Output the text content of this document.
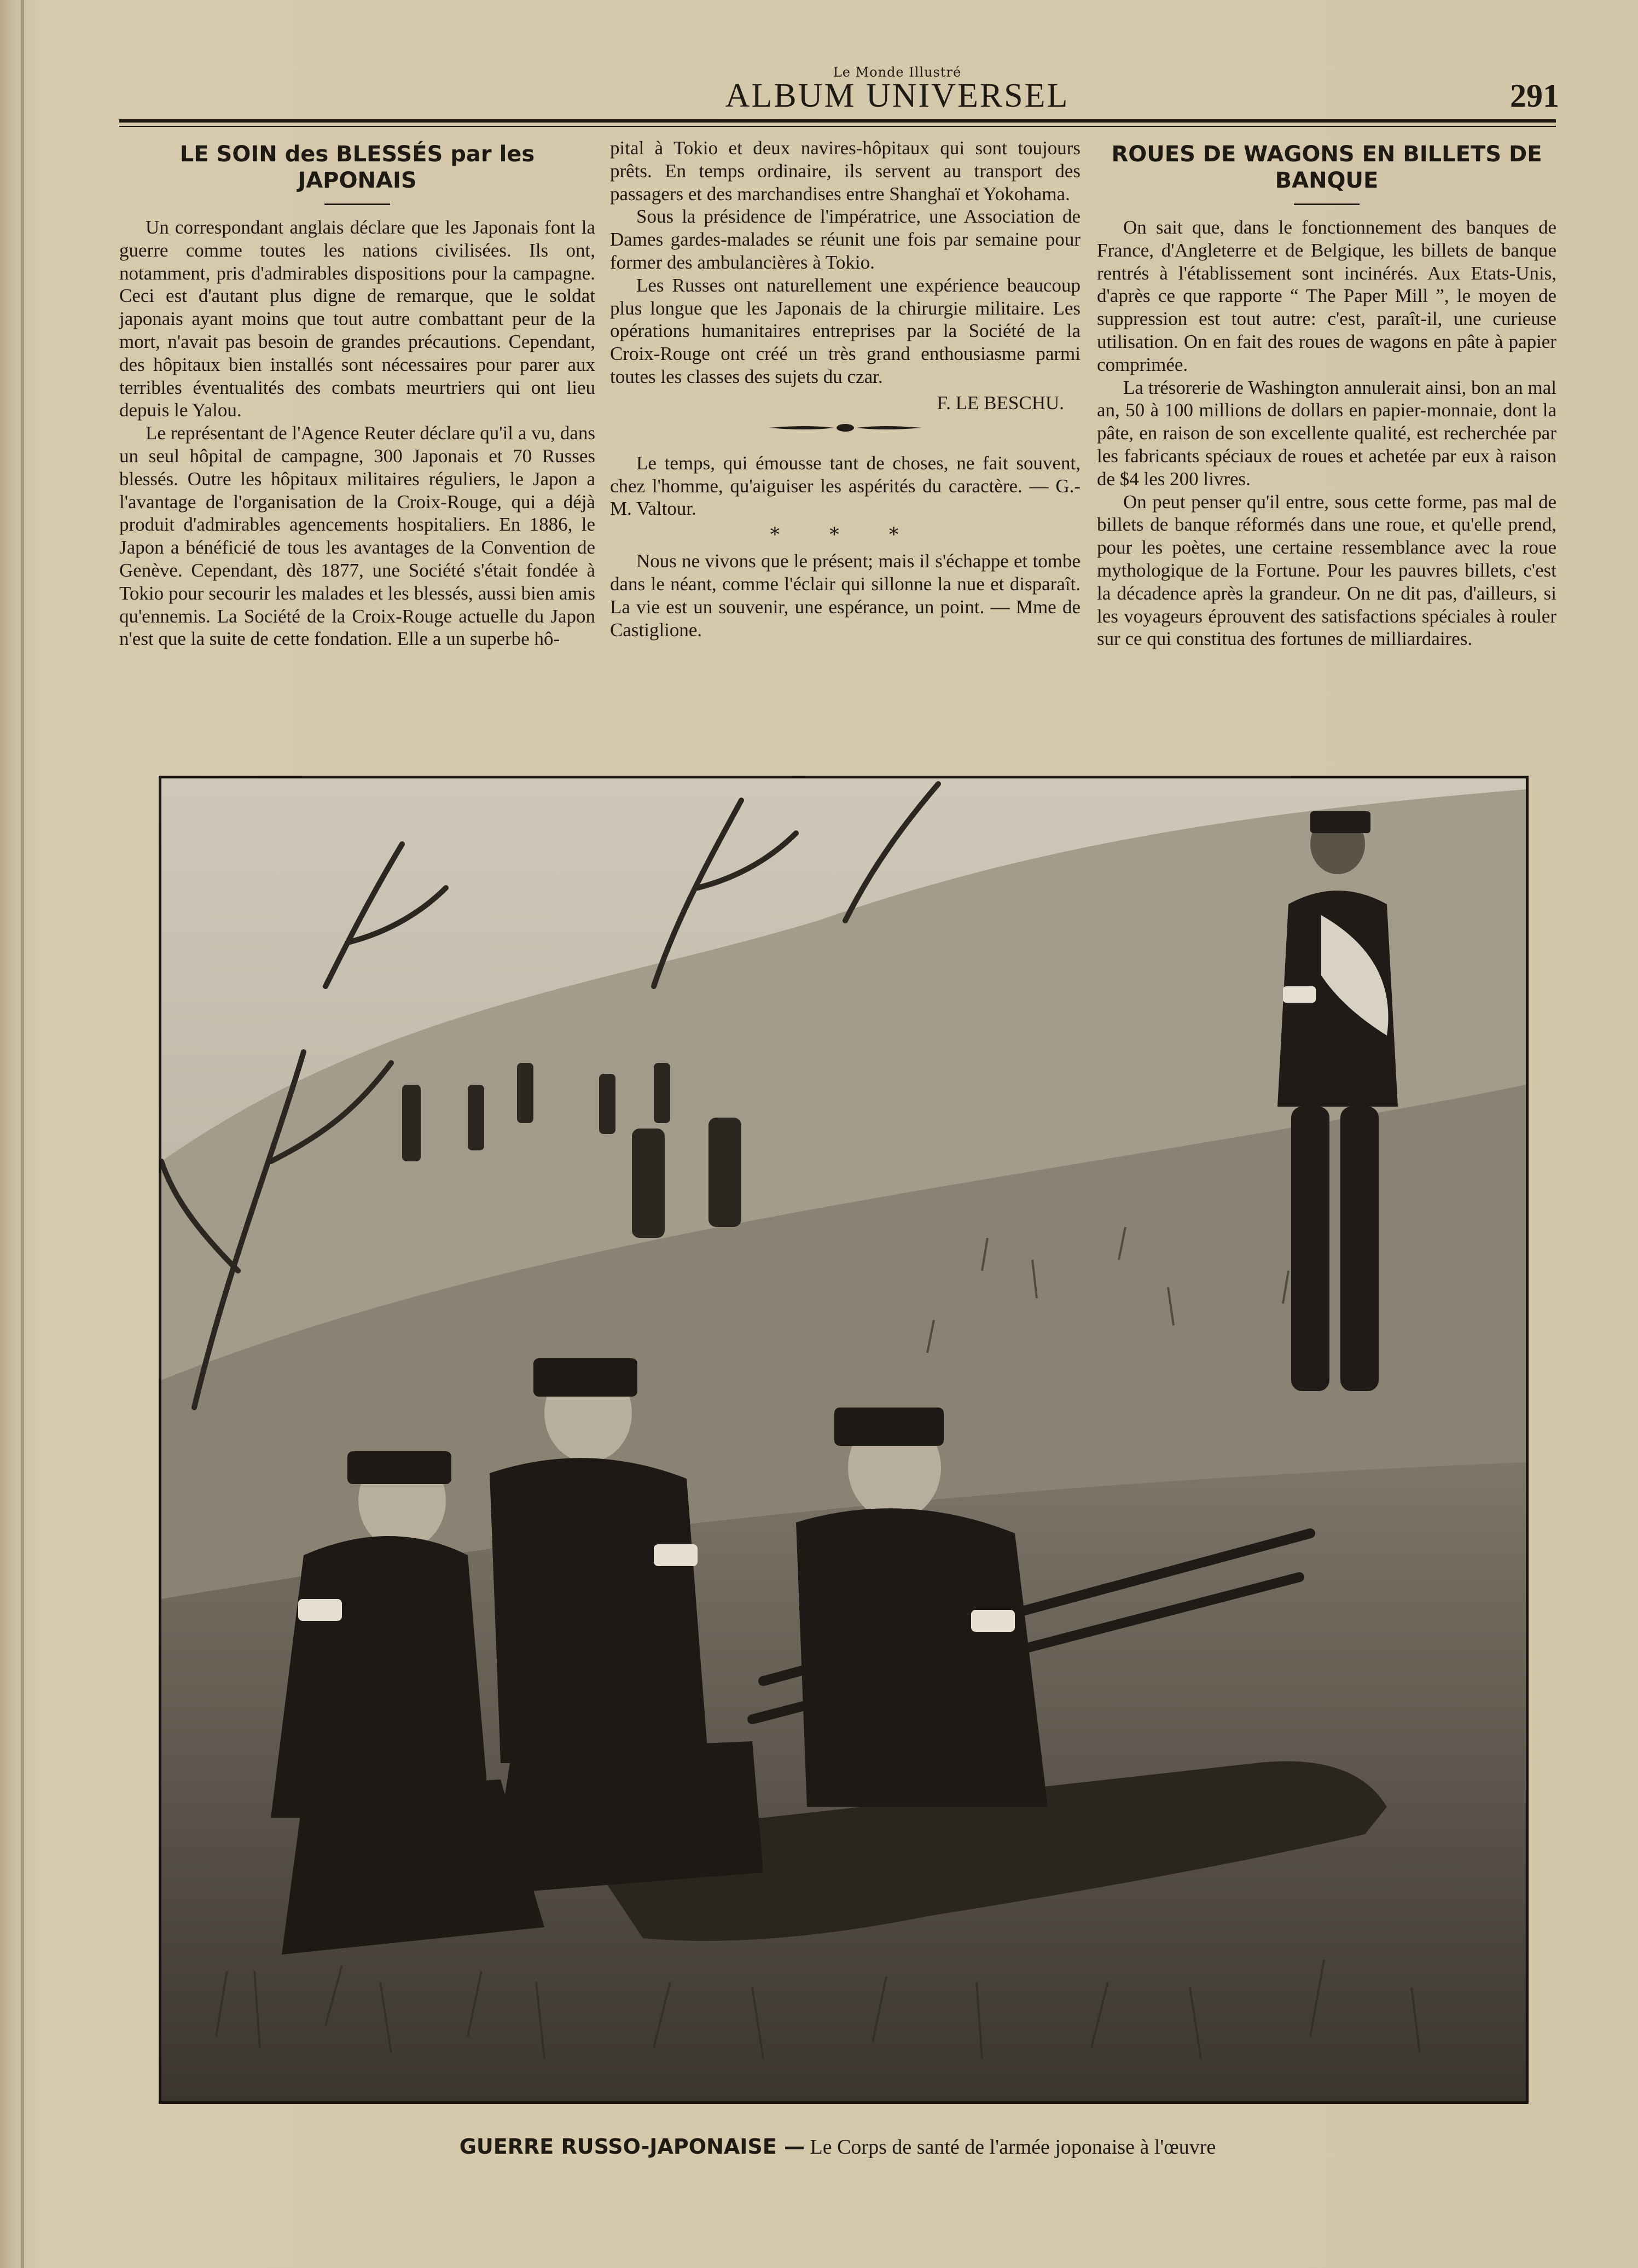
Le Monde Illustré
ALBUM UNIVERSEL	291
LE SOIN des BLESSÉS par les JAPONAIS

Un correspondant anglais déclare que les Japonais font la guerre comme toutes les nations civilisées. Ils ont, notamment, pris d'admirables dispositions pour la campagne. Ceci est d'autant plus digne de remarque, que le soldat japonais ayant moins que tout autre combattant peur de la mort, n'avait pas besoin de grandes précautions. Cependant, des hôpitaux bien installés sont nécessaires pour parer aux terribles éventualités des combats meurtriers qui ont lieu depuis le Yalou.

Le représentant de l'Agence Reuter déclare qu'il a vu, dans un seul hôpital de campagne, 300 Japonais et 70 Russes blessés. Outre les hôpitaux militaires réguliers, le Japon a l'avantage de l'organisation de la Croix-Rouge, qui a déjà produit d'admirables agencements hospitaliers. En 1886, le Japon a bénéficié de tous les avantages de la Convention de Genève. Cependant, dès 1877, une Société s'était fondée à Tokio pour secourir les malades et les blessés, aussi bien amis qu'ennemis. La Société de la Croix-Rouge actuelle du Japon n'est que la suite de cette fondation. Elle a un superbe hô-

pital à Tokio et deux navires-hôpitaux qui sont toujours prêts. En temps ordinaire, ils servent au transport des passagers et des marchandises entre Shanghaï et Yokohama.

Sous la présidence de l'impératrice, une Association de Dames gardes-malades se réunit une fois par semaine pour former des ambulancières à Tokio.

Les Russes ont naturellement une expérience beaucoup plus longue que les Japonais de la chirurgie militaire. Les opérations humanitaires entreprises par la Société de la Croix-Rouge ont créé un très grand enthousiasme parmi toutes les classes des sujets du czar.

F. LE BESCHU.

Le temps, qui émousse tant de choses, ne fait souvent, chez l'homme, qu'aiguiser les aspérités du caractère. — G.-M. Valtour.

* * *

Nous ne vivons que le présent; mais il s'échappe et tombe dans le néant, comme l'éclair qui sillonne la nue et disparaît. La vie est un souvenir, une espérance, un point. — Mme de Castiglione.

ROUES DE WAGONS EN BILLETS DE BANQUE

On sait que, dans le fonctionnement des banques de France, d'Angleterre et de Belgique, les billets de banque rentrés à l'établissement sont incinérés. Aux Etats-Unis, d'après ce que rapporte “ The Paper Mill ”, le moyen de suppression est tout autre: c'est, paraît-il, une curieuse utilisation. On en fait des roues de wagons en pâte à papier comprimée.

La trésorerie de Washington annulerait ainsi, bon an mal an, 50 à 100 millions de dollars en papier-monnaie, dont la pâte, en raison de son excellente qualité, est recherchée par les fabricants spéciaux de roues et achetée par eux à raison de $4 les 200 livres.

On peut penser qu'il entre, sous cette forme, pas mal de billets de banque réformés dans une roue, et qu'elle prend, pour les poètes, une certaine ressemblance avec la roue mythologique de la Fortune. Pour les pauvres billets, c'est la décadence après la grandeur. On ne dit pas, d'ailleurs, si les voyageurs éprouvent des satisfactions spéciales à rouler sur ce qui constitua des fortunes de milliardaires.

GUERRE RUSSO-JAPONAISE — Le Corps de santé de l'armée joponaise à l'œuvre
